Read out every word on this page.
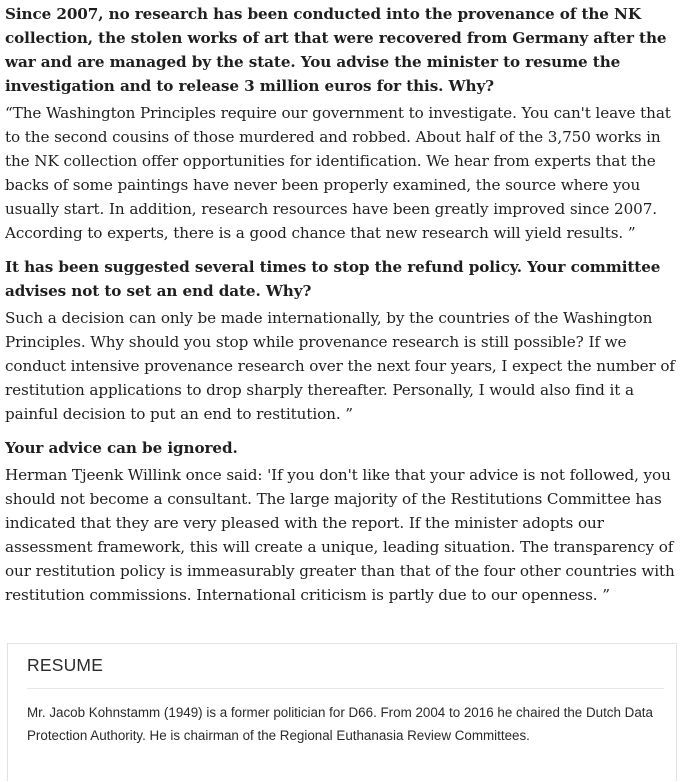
Since 2007, no research has been conducted into the provenance of the NK collection, the stolen works of art that were recovered from Germany after the war and are managed by the state. You advise the minister to resume the investigation and to release 3 million euros for this. Why?

“The Washington Principles require our government to investigate. You can't leave that to the second cousins of those murdered and robbed. About half of the 3,750 works in the NK collection offer opportunities for identification. We hear from experts that the backs of some paintings have never been properly examined, the source where you usually start. In addition, research resources have been greatly improved since 2007. According to experts, there is a good chance that new research will yield results. ”

It has been suggested several times to stop the refund policy. Your committee advises not to set an end date. Why?

Such a decision can only be made internationally, by the countries of the Washington Principles. Why should you stop while provenance research is still possible? If we conduct intensive provenance research over the next four years, I expect the number of restitution applications to drop sharply thereafter. Personally, I would also find it a painful decision to put an end to restitution. ”

Your advice can be ignored.

Herman Tjeenk Willink once said: 'If you don't like that your advice is not followed, you should not become a consultant. The large majority of the Restitutions Committee has indicated that they are very pleased with the report. If the minister adopts our assessment framework, this will create a unique, leading situation. The transparency of our restitution policy is immeasurably greater than that of the four other countries with restitution commissions. International criticism is partly due to our openness. ”

RESUME
Mr. Jacob Kohnstamm (1949) is a former politician for D66. From 2004 to 2016 he chaired the Dutch Data Protection Authority. He is chairman of the Regional Euthanasia Review Committees.
